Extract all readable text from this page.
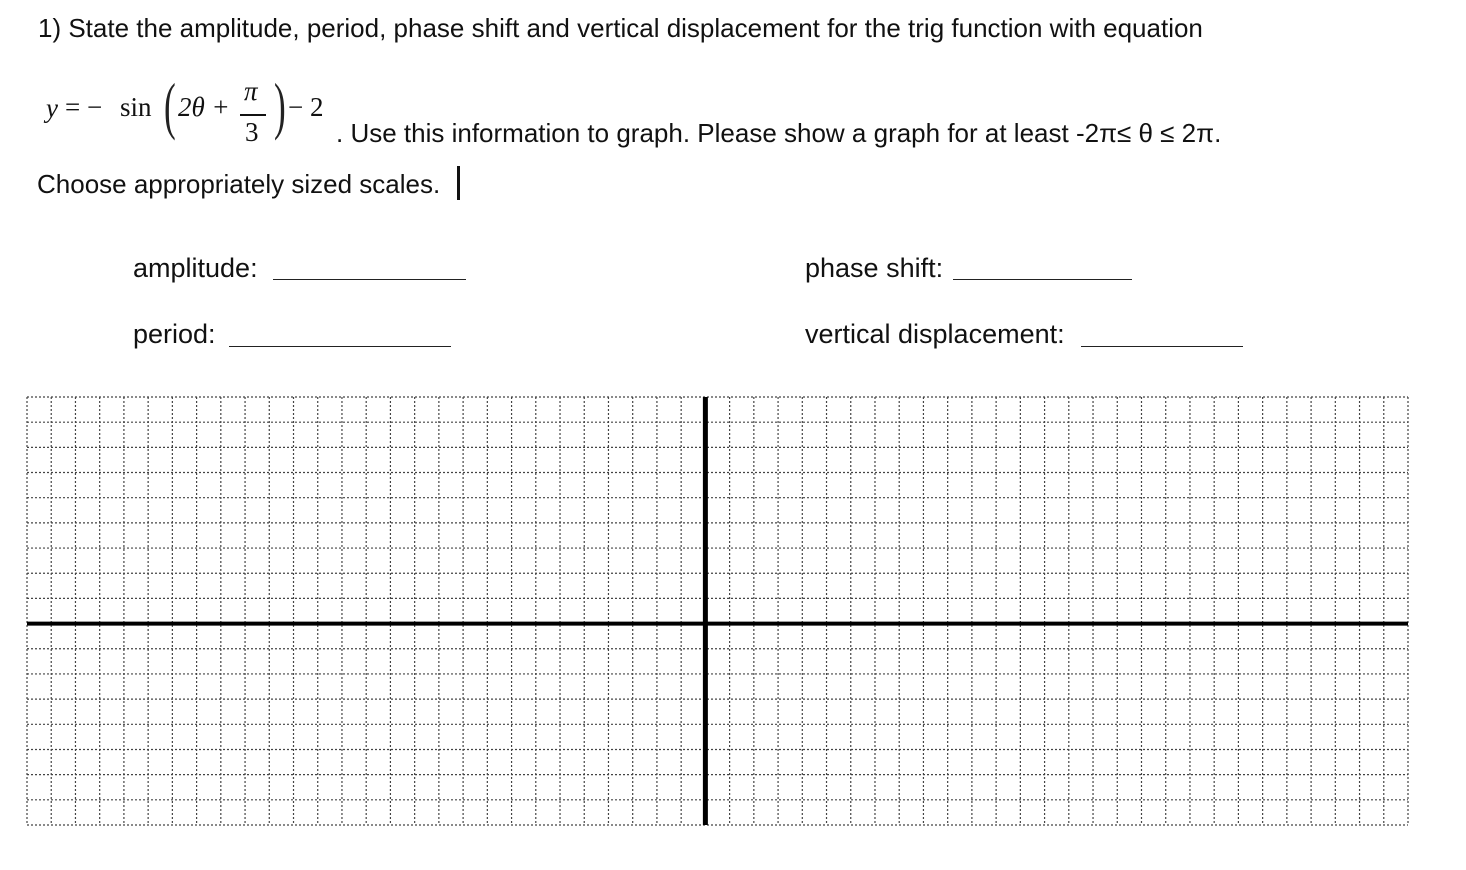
1) State the amplitude, period, phase shift and vertical displacement for the trig function with equation
y = − sin ( 2θ +
π
3 ) − 2
. Use this information to graph. Please show a graph for at least -2π≤ θ ≤ 2π.
Choose appropriately sized scales.
amplitude:
period:
phase shift:
vertical displacement:
